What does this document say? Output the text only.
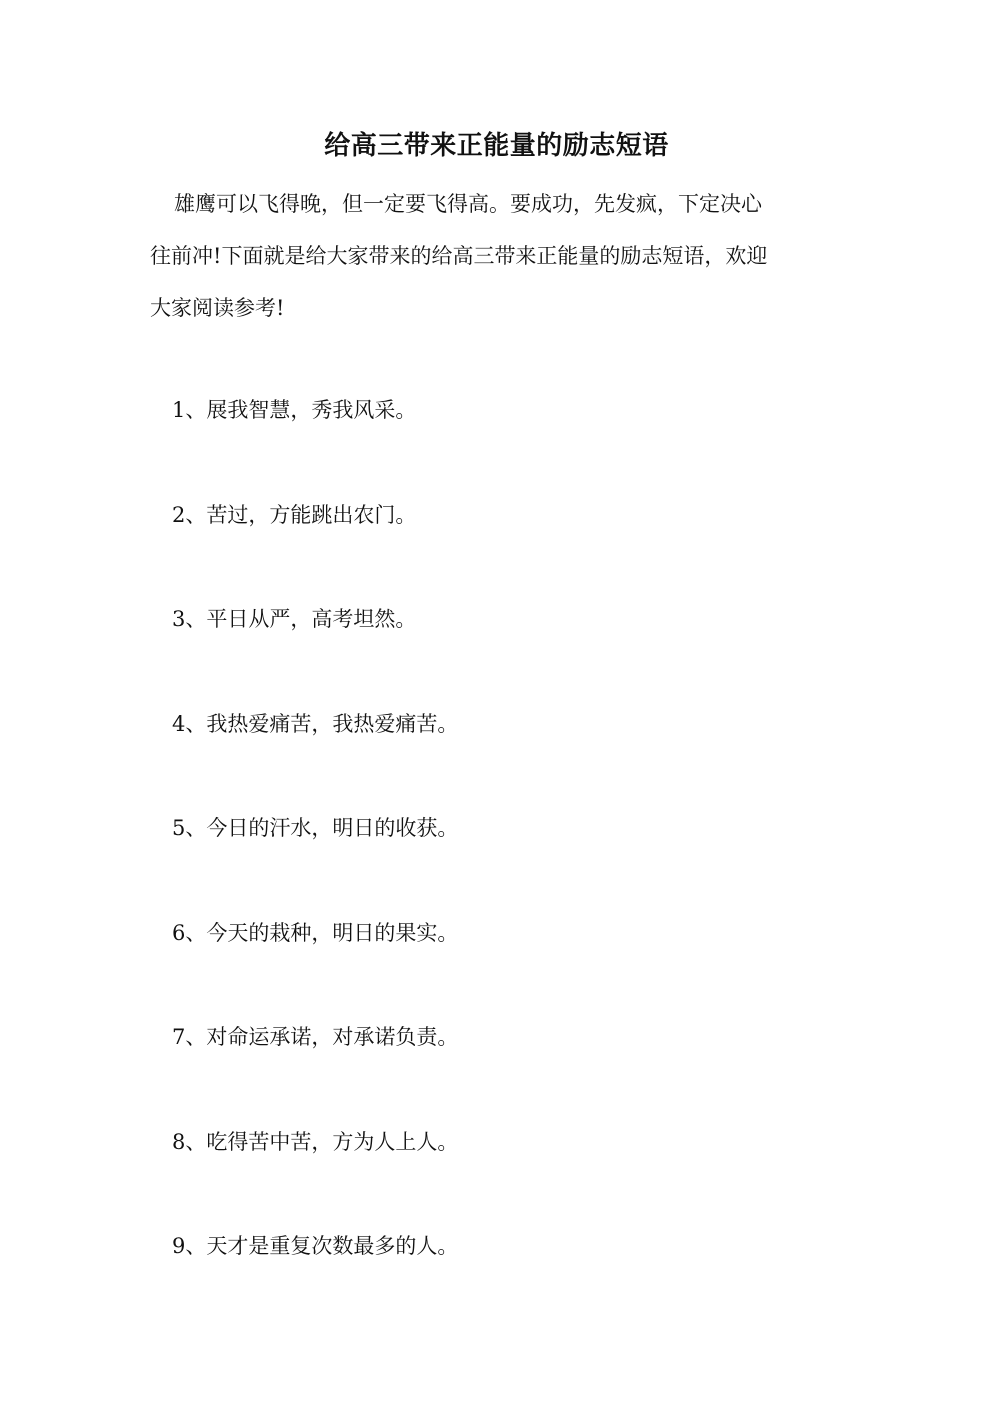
给高三带来正能量的励志短语
雄鹰可以飞得晚，但一定要飞得高。要成功，先发疯，下定决心
往前冲!下面就是给大家带来的给高三带来正能量的励志短语，欢迎
大家阅读参考!
1、展我智慧，秀我风采。
2、苦过，方能跳出农门。
3、平日从严，高考坦然。
4、我热爱痛苦，我热爱痛苦。
5、今日的汗水，明日的收获。
6、今天的栽种，明日的果实。
7、对命运承诺，对承诺负责。
8、吃得苦中苦，方为人上人。
9、天才是重复次数最多的人。
